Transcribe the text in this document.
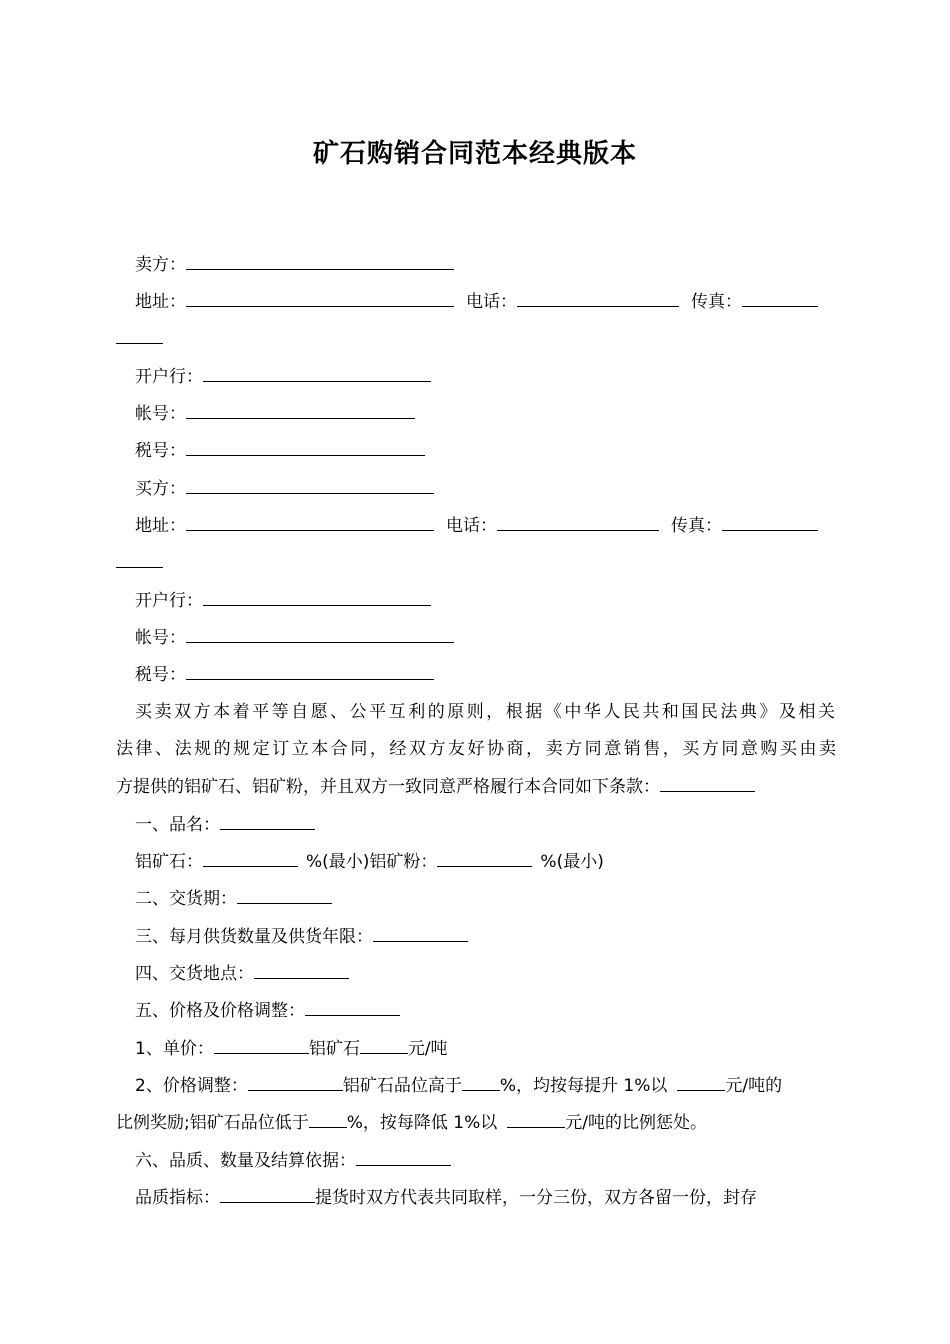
矿石购销合同范本经典版本
卖方：
地址：	电话：	传真：
开户行：
帐号：
税号：
买方：
地址：	电话：	传真：
开户行：
帐号：
税号：
买卖双方本着平等自愿、公平互利的原则，根据《中华人民共和国民法典》及相关
法律、法规的规定订立本合同，经双方友好协商，卖方同意销售，买方同意购买由卖
方提供的铝矿石、铝矿粉，并且双方一致同意严格履行本合同如下条款：
一、品名：
铝矿石：	%(最小)铝矿粉：	%(最小)
二、交货期：
三、每月供货数量及供货年限：
四、交货地点：
五、价格及价格调整：
1、单价：	铝矿石	元/吨
2、价格调整：	铝矿石品位高于 %，均按每提升 1%以	元/吨的
比例奖励;铝矿石品位低于 %，按每降低 1%以	元/吨的比例惩处。
六、品质、数量及结算依据：
品质指标：	提货时双方代表共同取样，一分三份，双方各留一份，封存
